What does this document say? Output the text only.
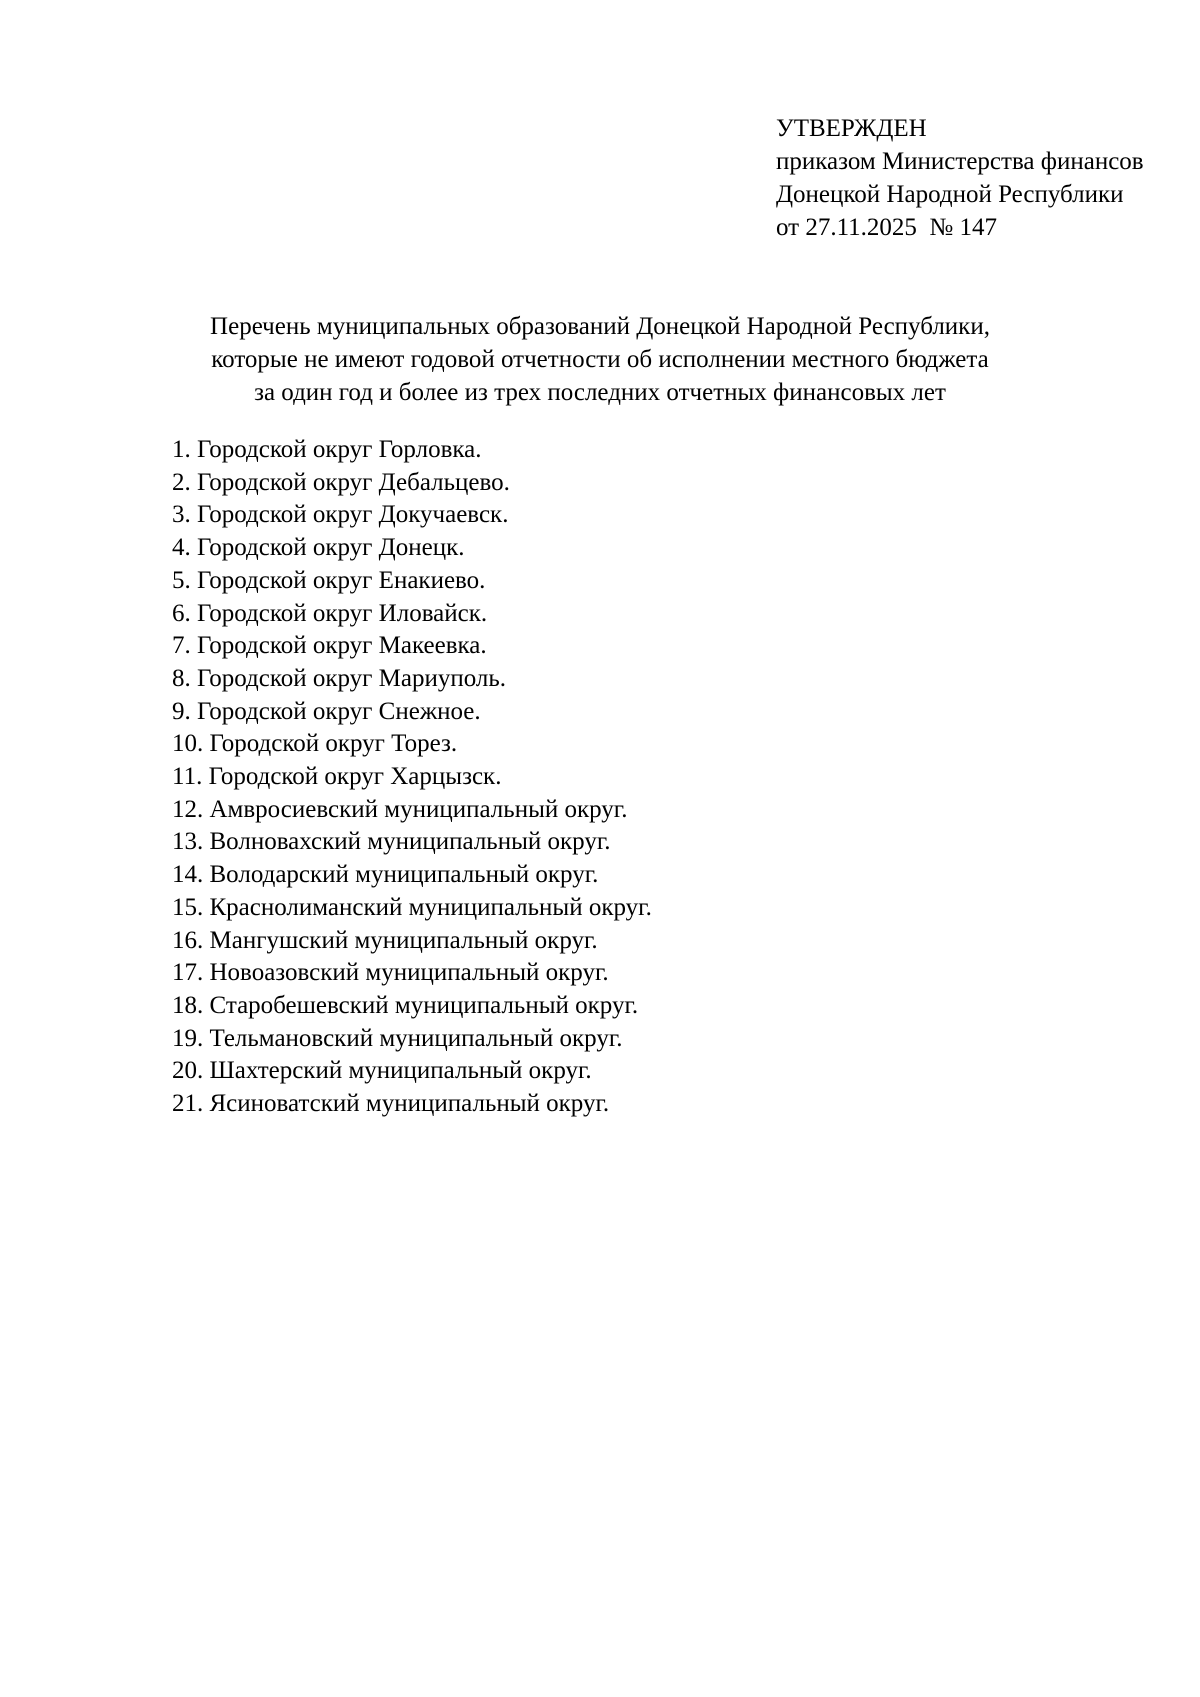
УТВЕРЖДЕН
приказом Министерства финансов
Донецкой Народной Республики
от 27.11.2025  № 147
Перечень муниципальных образований Донецкой Народной Республики,
которые не имеют годовой отчетности об исполнении местного бюджета
за один год и более из трех последних отчетных финансовых лет
1. Городской округ Горловка.
2. Городской округ Дебальцево.
3. Городской округ Докучаевск.
4. Городской округ Донецк.
5. Городской округ Енакиево.
6. Городской округ Иловайск.
7. Городской округ Макеевка.
8. Городской округ Мариуполь.
9. Городской округ Снежное.
10. Городской округ Торез.
11. Городской округ Харцызск.
12. Амвросиевский муниципальный округ.
13. Волновахский муниципальный округ.
14. Володарский муниципальный округ.
15. Краснолиманский муниципальный округ.
16. Мангушский муниципальный округ.
17. Новоазовский муниципальный округ.
18. Старобешевский муниципальный округ.
19. Тельмановский муниципальный округ.
20. Шахтерский муниципальный округ.
21. Ясиноватский муниципальный округ.
